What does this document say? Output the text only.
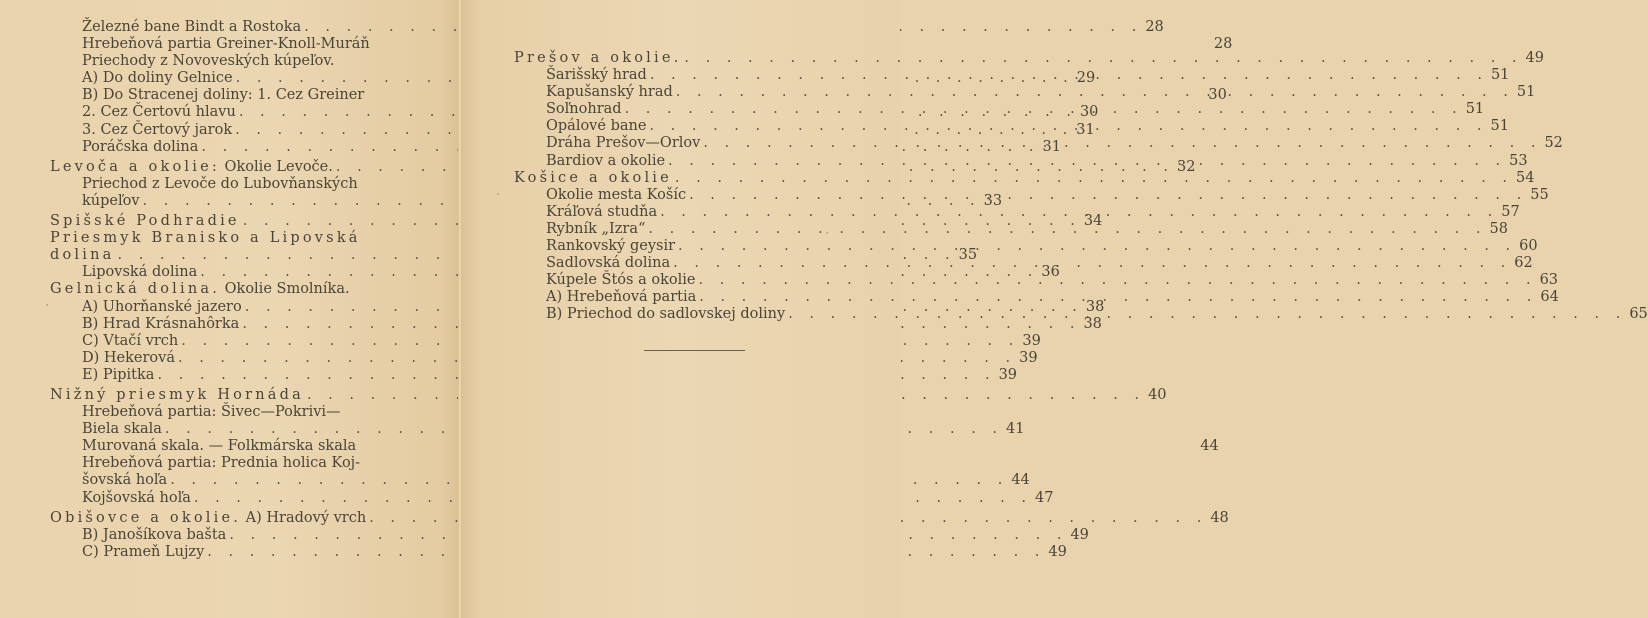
Železné bane Bindt a Rostoka . . .	28
Hrebeňová partia Greiner-Knoll-Muráň	28
Priechody z Novoveských kúpeľov.
A) Do doliny Gelnice . . .	29
B) Do Stracenej doliny: 1. Cez Greiner	30
2. Cez Čertovú hlavu . . .	30
3. Cez Čertový jarok . . .	31
Poráčska dolina . . .	31
Levoča a okolie: Okolie Levoče. . . .	32
Priechod z Levoče do Lubovňanských
kúpeľov . . .	33
Spišské Podhradie . . .	34
Priesmyk Branisko a Lipovská
dolina . . .	35
Lipovská dolina . . .	36
Gelnická dolina. Okolie Smolníka.
A) Uhorňanské jazero . . .	38
B) Hrad Krásnahôrka . . .	38
C) Vtačí vrch . . .	39
D) Hekerová . . .	39
E) Pipitka . . .	39
Nižný priesmyk Hornáda . . .	40
Hrebeňová partia: Šivec—Pokrivi—
Biela skala . . .	41
Murovaná skala. — Folkmárska skala	44
Hrebeňová partia: Prednia holica Koj-
šovská hoľa . . .	44
Kojšovská hoľa . . .	47
Obišovce a okolie. A) Hradový vrch . . .	48
B) Janošíkova bašta . . .	49
C) Prameň Lujzy . . .	49
Prešov a okolie. . . .	49
Šarišský hrad . . .	51
Kapušanský hrad . . .	51
Soľnohrad . . .	51
Opálové bane . . .	51
Dráha Prešov—Orlov . . .	52
Bardiov a okolie . . .	53
Košice a okolie . . .	54
Okolie mesta Košíc . . .	55
Kráľová studňa . . .	57
Rybník „Izra“ . . .	58
Rankovský geysir . . .	60
Sadlovská dolina . . .	62
Kúpele Štós a okolie . . .	63
A) Hrebeňová partia . . .	64
B) Priechod do sadlovskej doliny . . .	65
